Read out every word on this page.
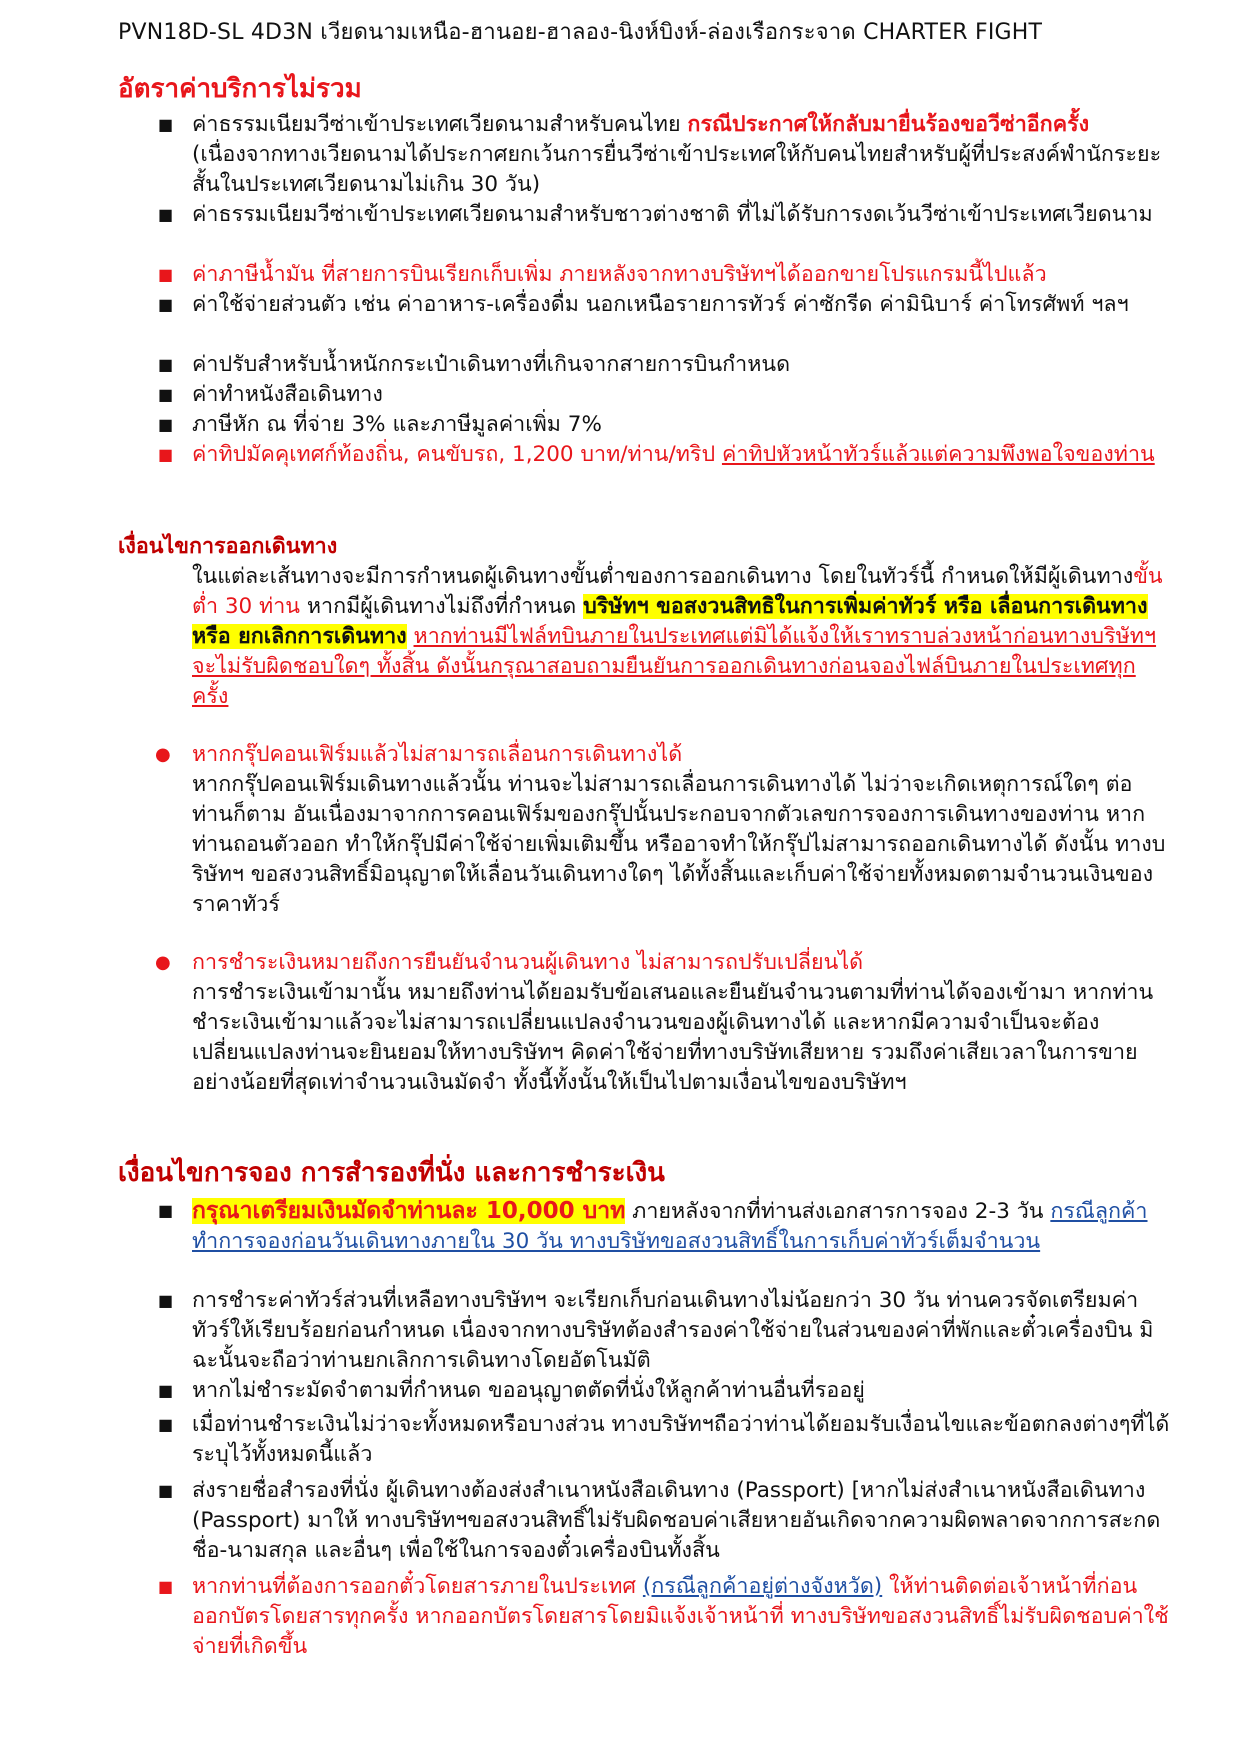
PVN18D-SL 4D3N เวียดนามเหนือ-ฮานอย-ฮาลอง-นิงห์บิงห์-ล่องเรือกระจาด CHARTER FIGHT
อัตราค่าบริการไม่รวม
■ ค่าธรรมเนียมวีซ่าเข้าประเทศเวียดนามสำหรับคนไทย กรณีประกาศให้กลับมายื่นร้องขอวีซ่าอีกครั้ง (เนื่องจากทางเวียดนามได้ประกาศยกเว้นการยื่นวีซ่าเข้าประเทศให้กับคนไทยสำหรับผู้ที่ประสงค์พำนักระยะสั้นในประเทศเวียดนามไม่เกิน 30 วัน)
■ ค่าธรรมเนียมวีซ่าเข้าประเทศเวียดนามสำหรับชาวต่างชาติ ที่ไม่ได้รับการงดเว้นวีซ่าเข้าประเทศเวียดนาม
■ ค่าภาษีน้ำมัน ที่สายการบินเรียกเก็บเพิ่ม ภายหลังจากทางบริษัทฯได้ออกขายโปรแกรมนี้ไปแล้ว
■ ค่าใช้จ่ายส่วนตัว เช่น ค่าอาหาร-เครื่องดื่ม นอกเหนือรายการทัวร์ ค่าซักรีด ค่ามินิบาร์ ค่าโทรศัพท์ ฯลฯ
■ ค่าปรับสำหรับน้ำหนักกระเป๋าเดินทางที่เกินจากสายการบินกำหนด
■ ค่าทำหนังสือเดินทาง
■ ภาษีหัก ณ ที่จ่าย 3% และภาษีมูลค่าเพิ่ม 7%
■ ค่าทิปมัคคุเทศก์ท้องถิ่น, คนขับรถ, 1,200 บาท/ท่าน/ทริป ค่าทิปหัวหน้าทัวร์แล้วแต่ความพึงพอใจของท่าน
เงื่อนไขการออกเดินทาง
ในแต่ละเส้นทางจะมีการกำหนดผู้เดินทางขั้นต่ำของการออกเดินทาง โดยในทัวร์นี้ กำหนดให้มีผู้เดินทางขั้นต่ำ 30 ท่าน หากมีผู้เดินทางไม่ถึงที่กำหนด บริษัทฯ ขอสงวนสิทธิในการเพิ่มค่าทัวร์ หรือ เลื่อนการเดินทาง หรือ ยกเลิกการเดินทาง หากท่านมีไฟล์ทบินภายในประเทศแต่มิได้แจ้งให้เราทราบล่วงหน้าก่อนทางบริษัทฯ จะไม่รับผิดชอบใดๆ ทั้งสิ้น ดังนั้นกรุณาสอบถามยืนยันการออกเดินทางก่อนจองไฟล์บินภายในประเทศทุกครั้ง
● หากกรุ๊ปคอนเฟิร์มแล้วไม่สามารถเลื่อนการเดินทางได้
หากกรุ๊ปคอนเฟิร์มเดินทางแล้วนั้น ท่านจะไม่สามารถเลื่อนการเดินทางได้ ไม่ว่าจะเกิดเหตุการณ์ใดๆ ต่อท่านก็ตาม อันเนื่องมาจากการคอนเฟิร์มของกรุ๊ปนั้นประกอบจากตัวเลขการจองการเดินทางของท่าน หากท่านถอนตัวออก ทำให้กรุ๊ปมีค่าใช้จ่ายเพิ่มเติมขึ้น หรืออาจทำให้กรุ๊ปไม่สามารถออกเดินทางได้ ดังนั้น ทางบริษัทฯ ขอสงวนสิทธิ์มิอนุญาตให้เลื่อนวันเดินทางใดๆ ได้ทั้งสิ้นและเก็บค่าใช้จ่ายทั้งหมดตามจำนวนเงินของราคาทัวร์
● การชำระเงินหมายถึงการยืนยันจำนวนผู้เดินทาง ไม่สามารถปรับเปลี่ยนได้
การชำระเงินเข้ามานั้น หมายถึงท่านได้ยอมรับข้อเสนอและยืนยันจำนวนตามที่ท่านได้จองเข้ามา หากท่านชำระเงินเข้ามาแล้วจะไม่สามารถเปลี่ยนแปลงจำนวนของผู้เดินทางได้ และหากมีความจำเป็นจะต้องเปลี่ยนแปลงท่านจะยินยอมให้ทางบริษัทฯ คิดค่าใช้จ่ายที่ทางบริษัทเสียหาย รวมถึงค่าเสียเวลาในการขาย อย่างน้อยที่สุดเท่าจำนวนเงินมัดจำ ทั้งนี้ทั้งนั้นให้เป็นไปตามเงื่อนไขของบริษัทฯ
เงื่อนไขการจอง การสำรองที่นั่ง และการชำระเงิน
■ กรุณาเตรียมเงินมัดจำท่านละ 10,000 บาท ภายหลังจากที่ท่านส่งเอกสารการจอง 2-3 วัน กรณีลูกค้าทำการจองก่อนวันเดินทางภายใน 30 วัน ทางบริษัทขอสงวนสิทธิ์ในการเก็บค่าทัวร์เต็มจำนวน
■ การชำระค่าทัวร์ส่วนที่เหลือทางบริษัทฯ จะเรียกเก็บก่อนเดินทางไม่น้อยกว่า 30 วัน ท่านควรจัดเตรียมค่าทัวร์ให้เรียบร้อยก่อนกำหนด เนื่องจากทางบริษัทต้องสำรองค่าใช้จ่ายในส่วนของค่าที่พักและตั๋วเครื่องบิน มิฉะนั้นจะถือว่าท่านยกเลิกการเดินทางโดยอัตโนมัติ
■ หากไม่ชำระมัดจำตามที่กำหนด ขออนุญาตตัดที่นั่งให้ลูกค้าท่านอื่นที่รออยู่
■ เมื่อท่านชำระเงินไม่ว่าจะทั้งหมดหรือบางส่วน ทางบริษัทฯถือว่าท่านได้ยอมรับเงื่อนไขและข้อตกลงต่างๆที่ได้ระบุไว้ทั้งหมดนี้แล้ว
■ ส่งรายชื่อสำรองที่นั่ง ผู้เดินทางต้องส่งสำเนาหนังสือเดินทาง (Passport) [หากไม่ส่งสำเนาหนังสือเดินทาง (Passport) มาให้ ทางบริษัทฯขอสงวนสิทธิ์ไม่รับผิดชอบค่าเสียหายอันเกิดจากความผิดพลาดจากการสะกดชื่อ-นามสกุล และอื่นๆ เพื่อใช้ในการจองตั๋วเครื่องบินทั้งสิ้น
■ หากท่านที่ต้องการออกตั๋วโดยสารภายในประเทศ (กรณีลูกค้าอยู่ต่างจังหวัด) ให้ท่านติดต่อเจ้าหน้าที่ก่อนออกบัตรโดยสารทุกครั้ง หากออกบัตรโดยสารโดยมิแจ้งเจ้าหน้าที่ ทางบริษัทขอสงวนสิทธิ์ไม่รับผิดชอบค่าใช้จ่ายที่เกิดขึ้น
